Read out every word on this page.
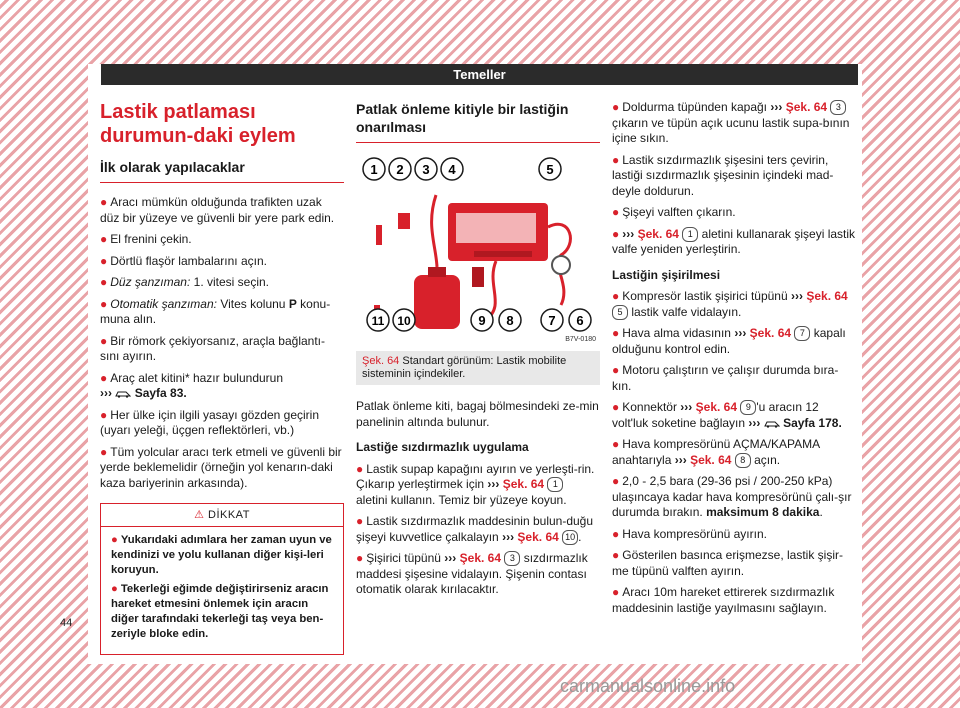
Temeller
Lastik patlaması durumun-daki eylem
İlk olarak yapılacaklar
● Aracı mümkün olduğunda trafikten uzak düz bir yüzeye ve güvenli bir yere park edin.
● El frenini çekin.
● Dörtlü flaşör lambalarını açın.
● Düz şanzıman: 1. vitesi seçin.
● Otomatik şanzıman: Vites kolunu P konu-muna alın.
● Bir römork çekiyorsanız, araçla bağlantı-sını ayırın.
● Araç alet kitini* hazır bulundurun
››› Sayfa 83.
● Her ülke için ilgili yasayı gözden geçirin (uyarı yeleği, üçgen reflektörleri, vb.)
● Tüm yolcular aracı terk etmeli ve güvenli bir yerde beklemelidir (örneğin yol kenarın-daki kaza bariyerinin arkasında).
⚠ DİKKAT
● Yukarıdaki adımlara her zaman uyun ve kendinizi ve yolu kullanan diğer kişi-leri koruyun.
● Tekerleği eğimde değiştirirseniz aracın hareket etmesini önlemek için aracın diğer tarafındaki tekerleği taş veya ben-zeriyle bloke edin.
Patlak önleme kitiyle bir lastiğin onarılması
1 2 3 4	5
11 10	9 8	7 6
B7V-0180
Şek. 64 Standart görünüm: Lastik mobilite sisteminin içindekiler.

Patlak önleme kiti, bagaj bölmesindeki ze-min panelinin altında bulunur.

Lastiğe sızdırmazlık uygulama
● Lastik supap kapağını ayırın ve yerleşti-rin. Çıkarıp yerleştirmek için ››› Şek. 64 1
aletini kullanın. Temiz bir yüzeye koyun.
● Lastik sızdırmazlık maddesinin bulun-duğu şişeyi kuvvetlice çalkalayın ››› Şek. 64 10 .
● Şişirici tüpünü ››› Şek. 64 3 sızdırmazlık maddesi şişesine vidalayın. Şişenin contası otomatik olarak kırılacaktır.
● Doldurma tüpünden kapağı ››› Şek. 64 3 çıkarın ve tüpün açık ucunu lastik supa-bının içine sıkın.
● Lastik sızdırmazlık şişesini ters çevirin, lastiği sızdırmazlık şişesinin içindeki mad-deyle doldurun.
● Şişeyi valften çıkarın.
● ››› Şek. 64 1 aletini kullanarak şişeyi lastik valfe yeniden yerleştirin.
Lastiğin şişirilmesi
● Kompresör lastik şişirici tüpünü ››› Şek. 64 5 lastik valfe vidalayın.
● Hava alma vidasının ››› Şek. 64 7 kapalı olduğunu kontrol edin.
● Motoru çalıştırın ve çalışır durumda bıra-kın.
● Konnektör ››› Şek. 64 9 'u aracın 12 volt'luk soketine bağlayın ››› Sayfa 178.
● Hava kompresörünü AÇMA/KAPAMA anahtarıyla ››› Şek. 64 8 açın.
● 2,0 - 2,5 bara (29-36 psi / 200-250 kPa) ulaşıncaya kadar hava kompresörünü çalı-şır durumda bırakın. maksimum 8 dakika.
● Hava kompresörünü ayırın.
● Gösterilen basınca erişmezse, lastik şişir-me tüpünü valften ayırın.
● Aracı 10m hareket ettirerek sızdırmazlık maddesinin lastiğe yayılmasını sağlayın.
44
carmanualsonline.info
